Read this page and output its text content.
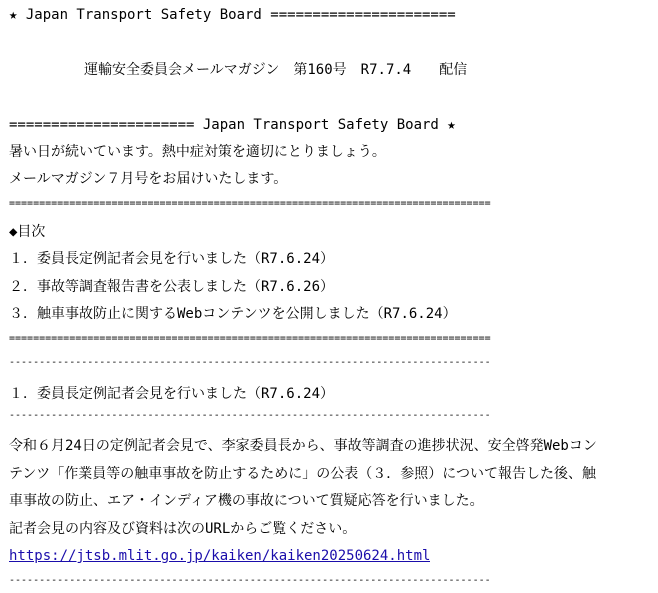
★ Japan Transport Safety Board ======================
運輸安全委員会メールマガジン　第160号　R7.7.4　　配信
====================== Japan Transport Safety Board ★
暑い日が続いています。熱中症対策を適切にとりましょう。
メールマガジン７月号をお届けいたします。
================================================================================
◆目次
１．委員長定例記者会見を行いました（R7.6.24）
２．事故等調査報告書を公表しました（R7.6.26）
３．触車事故防止に関するWebコンテンツを公開しました（R7.6.24）
================================================================================
--------------------------------------------------------------------------------
１．委員長定例記者会見を行いました（R7.6.24）
--------------------------------------------------------------------------------
令和６月24日の定例記者会見で、李家委員長から、事故等調査の進捗状況、安全啓発Webコン
テンツ「作業員等の触車事故を防止するために」の公表（３．参照）について報告した後、触
車事故の防止、エア・インディア機の事故について質疑応答を行いました。
記者会見の内容及び資料は次のURLからご覧ください。
https://jtsb.mlit.go.jp/kaiken/kaiken20250624.html
--------------------------------------------------------------------------------
